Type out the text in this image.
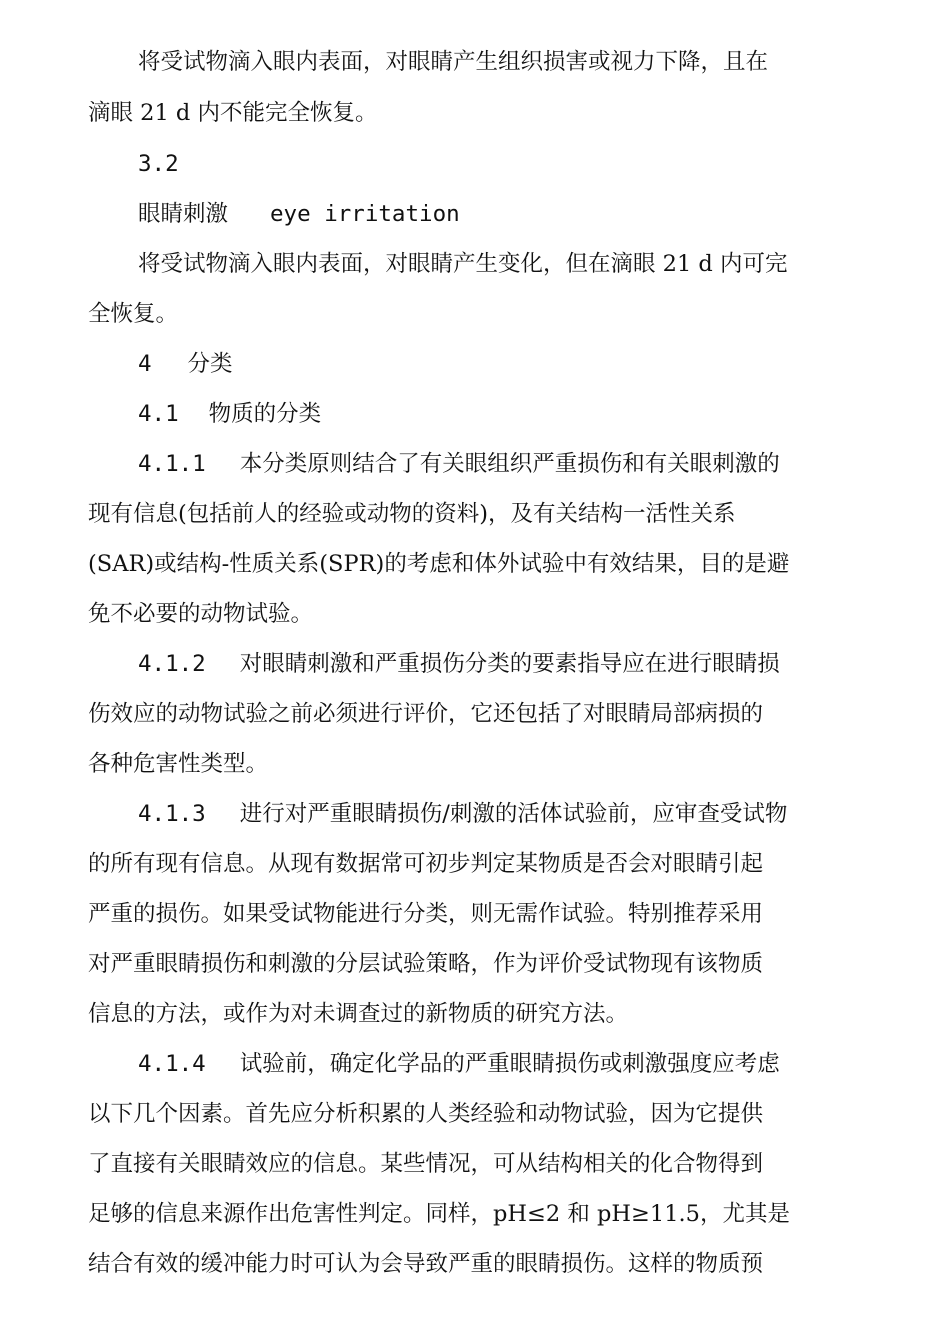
将受试物滴入眼内表面，对眼睛产生组织损害或视力下降，且在
滴眼 21 d 内不能完全恢复。
3.2
眼睛刺激 eye irritation
将受试物滴入眼内表面，对眼睛产生变化，但在滴眼 21 d 内可完
全恢复。
4 分类
4.1 物质的分类
4.1.1 本分类原则结合了有关眼组织严重损伤和有关眼刺激的
现有信息(包括前人的经验或动物的资料)，及有关结构一活性关系
(SAR)或结构-性质关系(SPR)的考虑和体外试验中有效结果，目的是避
免不必要的动物试验。
4.1.2 对眼睛刺激和严重损伤分类的要素指导应在进行眼睛损
伤效应的动物试验之前必须进行评价，它还包括了对眼睛局部病损的
各种危害性类型。
4.1.3 进行对严重眼睛损伤/刺激的活体试验前，应审查受试物
的所有现有信息。从现有数据常可初步判定某物质是否会对眼睛引起
严重的损伤。如果受试物能进行分类，则无需作试验。特别推荐采用
对严重眼睛损伤和刺激的分层试验策略，作为评价受试物现有该物质
信息的方法，或作为对未调查过的新物质的研究方法。
4.1.4 试验前，确定化学品的严重眼睛损伤或刺激强度应考虑
以下几个因素。首先应分析积累的人类经验和动物试验，因为它提供
了直接有关眼睛效应的信息。某些情况，可从结构相关的化合物得到
足够的信息来源作出危害性判定。同样，pH≤2 和 pH≥11.5，尤其是
结合有效的缓冲能力时可认为会导致严重的眼睛损伤。这样的物质预
